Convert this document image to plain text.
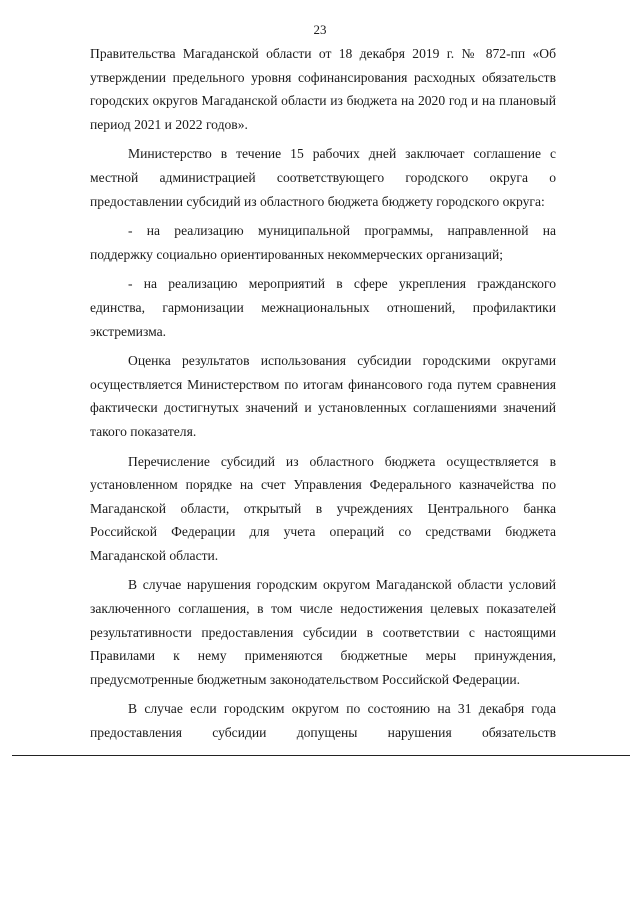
23

Правительства Магаданской области от 18 декабря 2019 г. № 872-пп «Об утверждении предельного уровня софинансирования расходных обязательств городских округов Магаданской области из бюджета на 2020 год и на плановый период 2021 и 2022 годов».

Министерство в течение 15 рабочих дней заключает соглашение с местной администрацией соответствующего городского округа о предоставлении субсидий из областного бюджета бюджету городского округа:

- на реализацию муниципальной программы, направленной на поддержку социально ориентированных некоммерческих организаций;

- на реализацию мероприятий в сфере укрепления гражданского единства, гармонизации межнациональных отношений, профилактики экстремизма.

Оценка результатов использования субсидии городскими округами осуществляется Министерством по итогам финансового года путем сравнения фактически достигнутых значений и установленных соглашениями значений такого показателя.

Перечисление субсидий из областного бюджета осуществляется в установленном порядке на счет Управления Федерального казначейства по Магаданской области, открытый в учреждениях Центрального банка Российской Федерации для учета операций со средствами бюджета Магаданской области.

В случае нарушения городским округом Магаданской области условий заключенного соглашения, в том числе недостижения целевых показателей результативности предоставления субсидии в соответствии с настоящими Правилами к нему применяются бюджетные меры принуждения, предусмотренные бюджетным законодательством Российской Федерации.

В случае если городским округом по состоянию на 31 декабря года предоставления субсидии допущены нарушения обязательств
